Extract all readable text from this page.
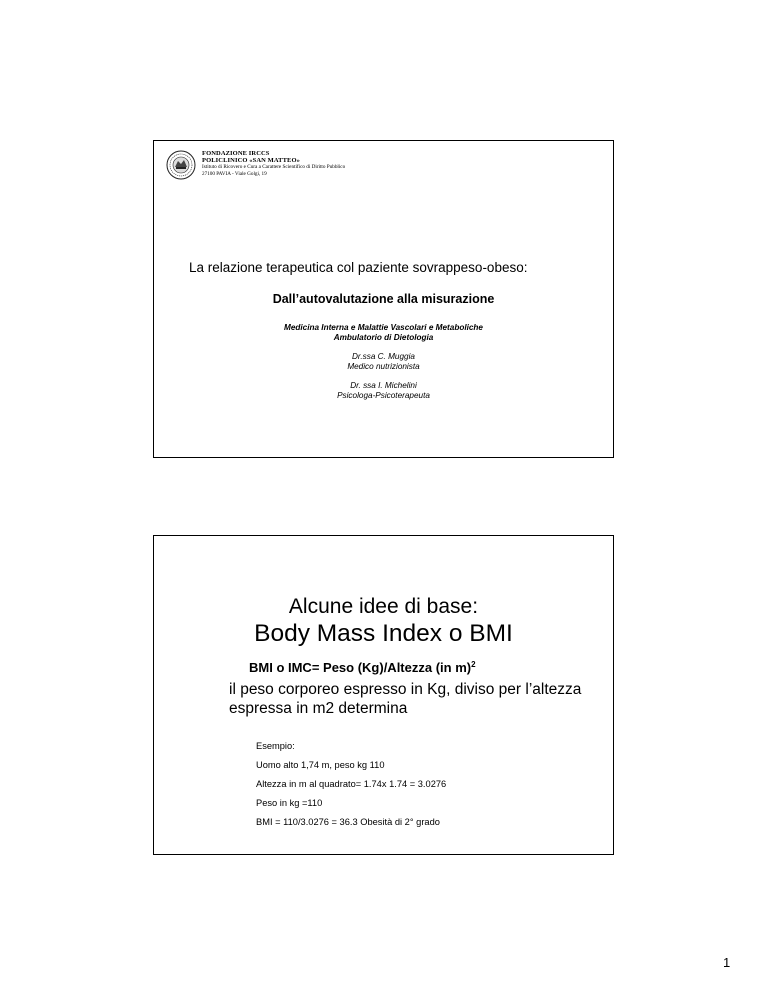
FONDAZIONE IRCCS
POLICLINICO «SAN MATTEO»
Istituto di Ricovero e Cura a Carattere Scientifico di Diritto Pubblico
27100 PAVIA - Viale Golgi, 19
La relazione terapeutica col paziente sovrappeso-obeso:
Dall’autovalutazione alla misurazione
Medicina Interna e Malattie Vascolari e Metaboliche
Ambulatorio di Dietologia
Dr.ssa C. Muggia
Medico nutrizionista
Dr. ssa I. Michelini
Psicologa-Psicoterapeuta
Alcune idee di base:
Body Mass Index o BMI
BMI o IMC= Peso (Kg)/Altezza (in m)$^2$
il peso corporeo espresso in Kg, diviso per l’altezza espressa in m2 determina
Esempio:
Uomo alto 1,74 m, peso kg 110
Altezza in m al quadrato= 1.74x 1.74 = 3.0276
Peso in kg =110
BMI = 110/3.0276 = 36.3 Obesità di 2° grado
1
